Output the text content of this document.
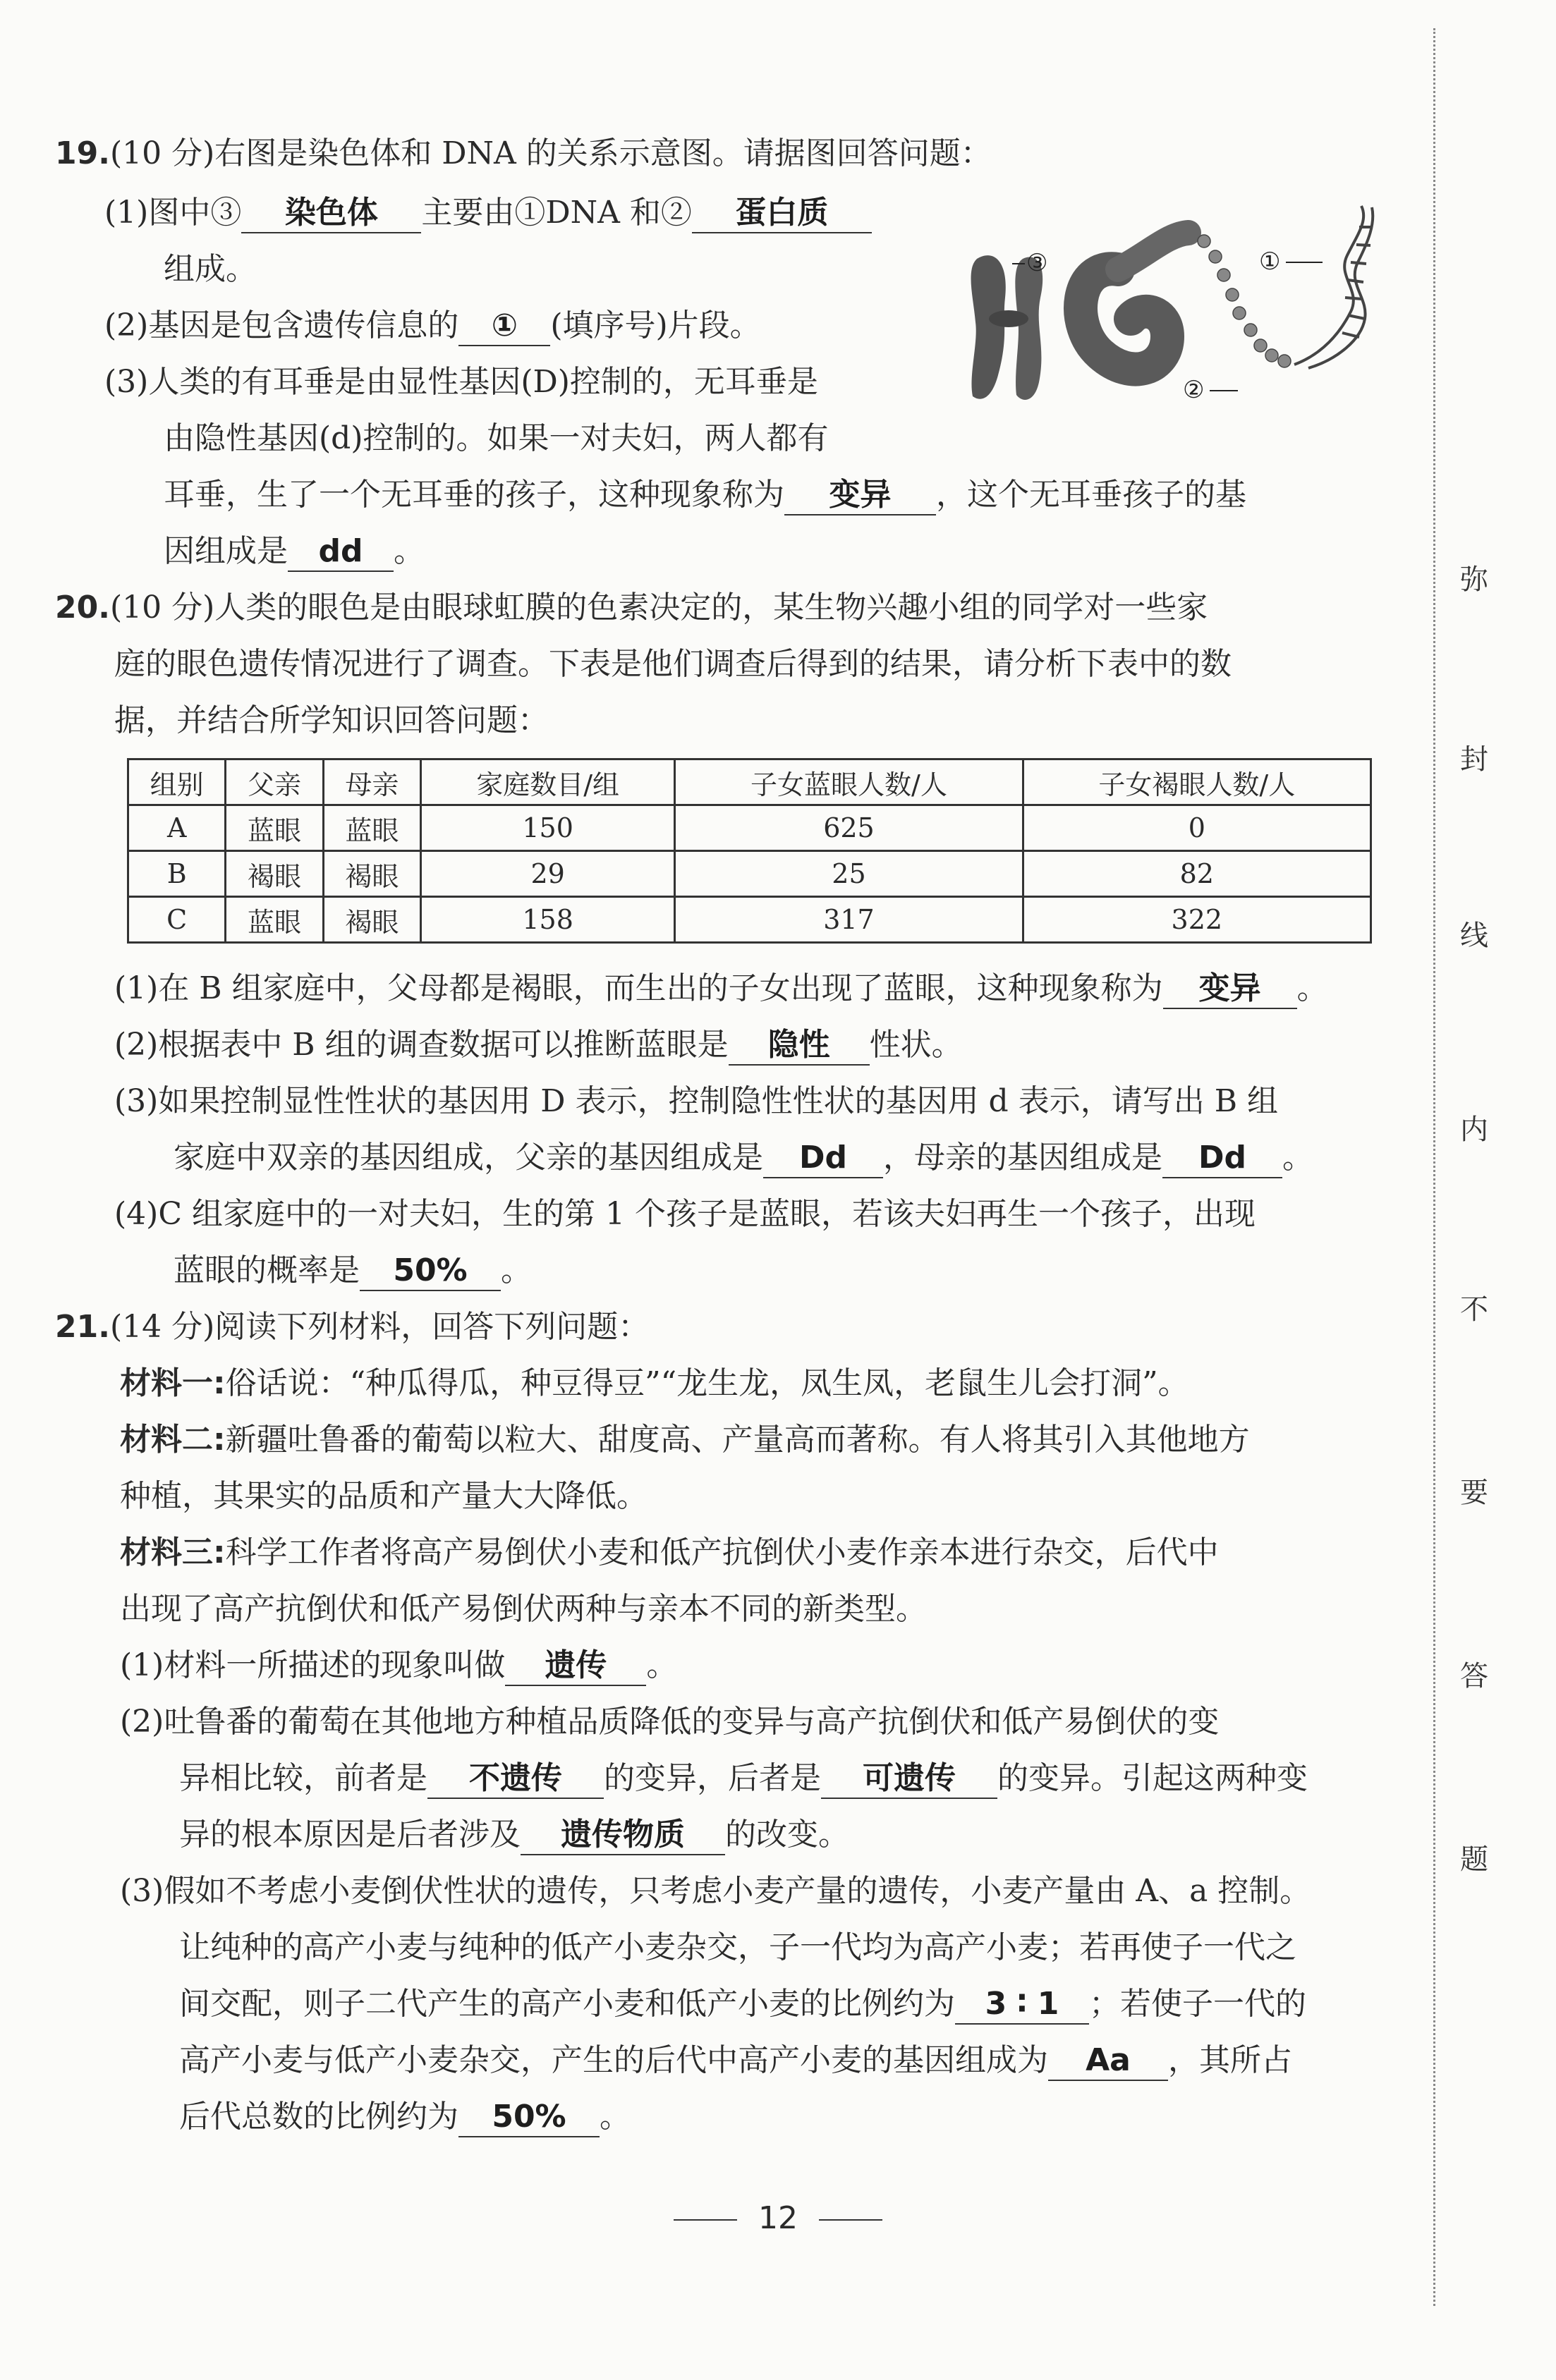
19.(10 分)右图是染色体和 DNA 的关系示意图。请据图回答问题：
(1)图中③ 染色体 主要由①DNA 和② 蛋白质
组成。
(2)基因是包含遗传信息的 ① (填序号)片段。
(3)人类的有耳垂是由显性基因(D)控制的，无耳垂是
由隐性基因(d)控制的。如果一对夫妇，两人都有
耳垂，生了一个无耳垂的孩子，这种现象称为 变异 ，这个无耳垂孩子的基
因组成是 dd 。
③	①
②
20.(10 分)人类的眼色是由眼球虹膜的色素决定的，某生物兴趣小组的同学对一些家
庭的眼色遗传情况进行了调查。下表是他们调查后得到的结果，请分析下表中的数
据，并结合所学知识回答问题：
组别	父亲	母亲	家庭数目/组	子女蓝眼人数/人	子女褐眼人数/人
A	蓝眼	蓝眼	150	625	0
B	褐眼	褐眼	29	25	82
C	蓝眼	褐眼	158	317	322
(1)在 B 组家庭中，父母都是褐眼，而生出的子女出现了蓝眼，这种现象称为 变异 。
(2)根据表中 B 组的调查数据可以推断蓝眼是 隐性 性状。
(3)如果控制显性性状的基因用 D 表示，控制隐性性状的基因用 d 表示，请写出 B 组
家庭中双亲的基因组成，父亲的基因组成是 Dd ，母亲的基因组成是 Dd 。
(4)C 组家庭中的一对夫妇，生的第 1 个孩子是蓝眼，若该夫妇再生一个孩子，出现
蓝眼的概率是 50% 。
21.(14 分)阅读下列材料，回答下列问题：
材料一:俗话说：“种瓜得瓜，种豆得豆”“龙生龙，凤生凤，老鼠生儿会打洞”。
材料二:新疆吐鲁番的葡萄以粒大、甜度高、产量高而著称。有人将其引入其他地方
种植，其果实的品质和产量大大降低。
材料三:科学工作者将高产易倒伏小麦和低产抗倒伏小麦作亲本进行杂交，后代中
出现了高产抗倒伏和低产易倒伏两种与亲本不同的新类型。
(1)材料一所描述的现象叫做 遗传 。
(2)吐鲁番的葡萄在其他地方种植品质降低的变异与高产抗倒伏和低产易倒伏的变
异相比较，前者是 不遗传 的变异，后者是 可遗传 的变异。引起这两种变
异的根本原因是后者涉及 遗传物质 的改变。
(3)假如不考虑小麦倒伏性状的遗传，只考虑小麦产量的遗传，小麦产量由 A、a 控制。
让纯种的高产小麦与纯种的低产小麦杂交，子一代均为高产小麦；若再使子一代之
间交配，则子二代产生的高产小麦和低产小麦的比例约为 3 ∶ 1 ；若使子一代的
高产小麦与低产小麦杂交，产生的后代中高产小麦的基因组成为 Aa ，其所占
后代总数的比例约为 50% 。
12
弥
封
线
内
不
要
答
题
